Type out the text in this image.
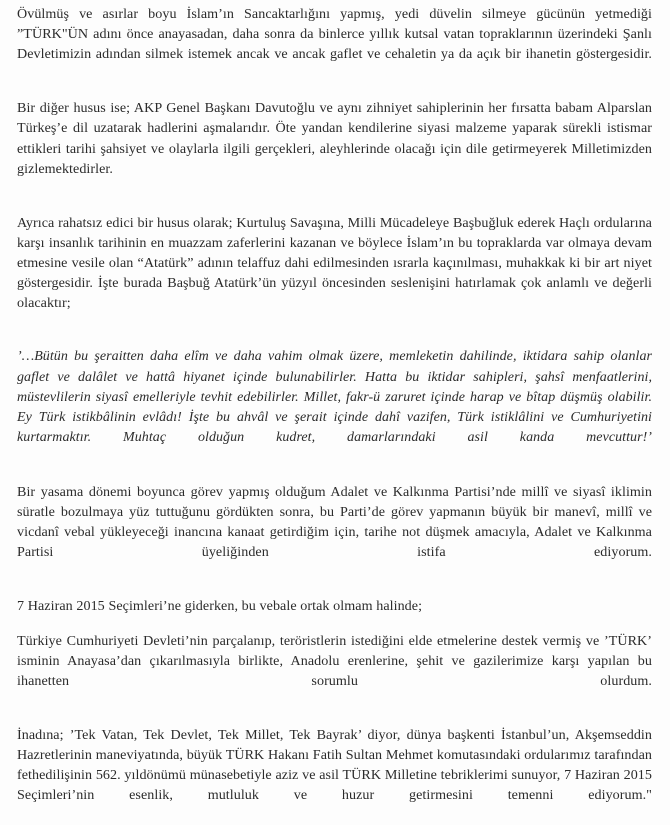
Övülmüş ve asırlar boyu İslam’ın Sancaktarlığını yapmış, yedi düvelin silmeye gücünün yetmediği ”TÜRK"ÜN adını önce anayasadan, daha sonra da binlerce yıllık kutsal vatan topraklarının üzerindeki Şanlı Devletimizin adından silmek istemek ancak ve ancak gaflet ve cehaletin ya da açık bir ihanetin göstergesidir.

Bir diğer husus ise; AKP Genel Başkanı Davutoğlu ve aynı zihniyet sahiplerinin her fırsatta babam Alparslan Türkeş’e dil uzatarak hadlerini aşmalarıdır. Öte yandan kendilerine siyasi malzeme yaparak sürekli istismar ettikleri tarihi şahsiyet ve olaylarla ilgili gerçekleri, aleyhlerinde olacağı için dile getirmeyerek Milletimizden gizlemektedirler.

Ayrıca rahatsız edici bir husus olarak; Kurtuluş Savaşına, Milli Mücadeleye Başbuğluk ederek Haçlı ordularına karşı insanlık tarihinin en muazzam zaferlerini kazanan ve böylece İslam’ın bu topraklarda var olmaya devam etmesine vesile olan “Atatürk” adının telaffuz dahi edilmesinden ısrarla kaçınılması, muhakkak ki bir art niyet göstergesidir. İşte burada Başbuğ Atatürk’ün yüzyıl öncesinden seslenişini hatırlamak çok anlamlı ve değerli olacaktır;

’…Bütün bu şeraitten daha elîm ve daha vahim olmak üzere, memleketin dahilinde, iktidara sahip olanlar gaflet ve dalâlet ve hattâ hiyanet içinde bulunabilirler. Hatta bu iktidar sahipleri, şahsî menfaatlerini, müstevlilerin siyasî emelleriyle tevhit edebilirler. Millet, fakr-ü zaruret içinde harap ve bîtap düşmüş olabilir. Ey Türk istikbâlinin evlâdı! İşte bu ahvâl ve şerait içinde dahî vazifen, Türk istiklâlini ve Cumhuriyetini kurtarmaktır. Muhtaç olduğun kudret, damarlarındaki asil kanda mevcuttur!’

Bir yasama dönemi boyunca görev yapmış olduğum Adalet ve Kalkınma Partisi’nde millî ve siyasî iklimin süratle bozulmaya yüz tuttuğunu gördükten sonra, bu Parti’de görev yapmanın büyük bir manevî, millî ve vicdanî vebal yükleyeceği inancına kanaat getirdiğim için, tarihe not düşmek amacıyla, Adalet ve Kalkınma Partisi üyeliğinden istifa ediyorum.

7 Haziran 2015 Seçimleri’ne giderken, bu vebale ortak olmam halinde;

Türkiye Cumhuriyeti Devleti’nin parçalanıp, teröristlerin istediğini elde etmelerine destek vermiş ve ’TÜRK’ isminin Anayasa’dan çıkarılmasıyla birlikte, Anadolu erenlerine, şehit ve gazilerimize karşı yapılan bu ihanetten sorumlu olurdum.

İnadına; ’Tek Vatan, Tek Devlet, Tek Millet, Tek Bayrak’ diyor, dünya başkenti İstanbul’un, Akşemseddin Hazretlerinin maneviyatında, büyük TÜRK Hakanı Fatih Sultan Mehmet komutasındaki ordularımız tarafından fethedilişinin 562. yıldönümü münasebetiyle aziz ve asil TÜRK Milletine tebriklerimi sunuyor, 7 Haziran 2015 Seçimleri’nin esenlik, mutluluk ve huzur getirmesini temenni ediyorum."
